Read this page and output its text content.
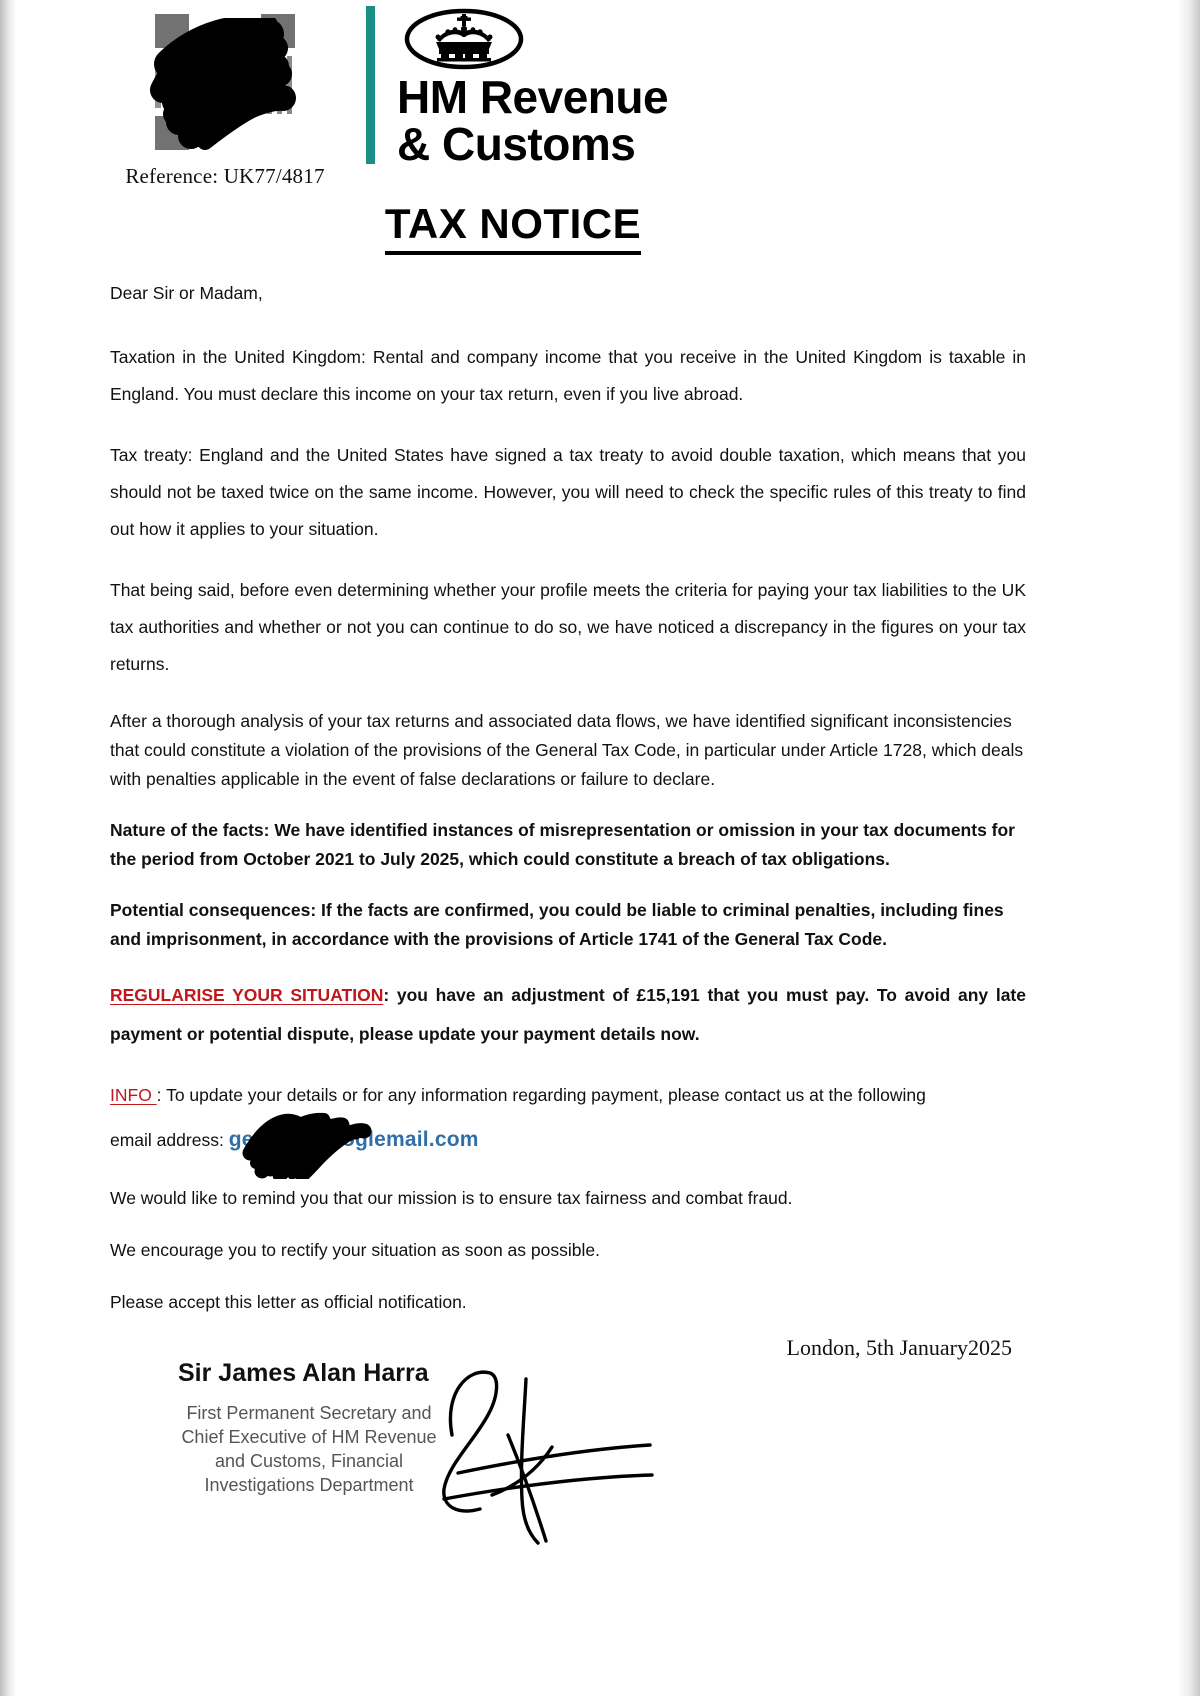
Reference: UK77/4817
HM Revenue
& Customs
TAX NOTICE

Dear Sir or Madam,

Taxation in the United Kingdom: Rental and company income that you receive in the United Kingdom is taxable in England. You must declare this income on your tax return, even if you live abroad.

Tax treaty: England and the United States have signed a tax treaty to avoid double taxation, which means that you should not be taxed twice on the same income. However, you will need to check the specific rules of this treaty to find out how it applies to your situation.

That being said, before even determining whether your profile meets the criteria for paying your tax liabilities to the UK tax authorities and whether or not you can continue to do so, we have noticed a discrepancy in the figures on your tax returns.

After a thorough analysis of your tax returns and associated data flows, we have identified significant inconsistencies that could constitute a violation of the provisions of the General Tax Code, in particular under Article 1728, which deals with penalties applicable in the event of false declarations or failure to declare.

Nature of the facts: We have identified instances of misrepresentation or omission in your tax documents for the period from October 2021 to July 2025, which could constitute a breach of tax obligations.

Potential consequences: If the facts are confirmed, you could be liable to criminal penalties, including fines and imprisonment, in accordance with the provisions of Article 1741 of the General Tax Code.

REGULARISE YOUR SITUATION: you have an adjustment of £15,191 that you must pay. To avoid any late payment or potential dispute, please update your payment details now.

INFO : To update your details or for any information regarding payment, please contact us at the following

email address: ge 406@googlemail.com

We would like to remind you that our mission is to ensure tax fairness and combat fraud.

We encourage you to rectify your situation as soon as possible.

Please accept this letter as official notification.

London, 5th January2025
Sir James Alan Harra
First Permanent Secretary and
Chief Executive of HM Revenue
and Customs, Financial
Investigations Department
